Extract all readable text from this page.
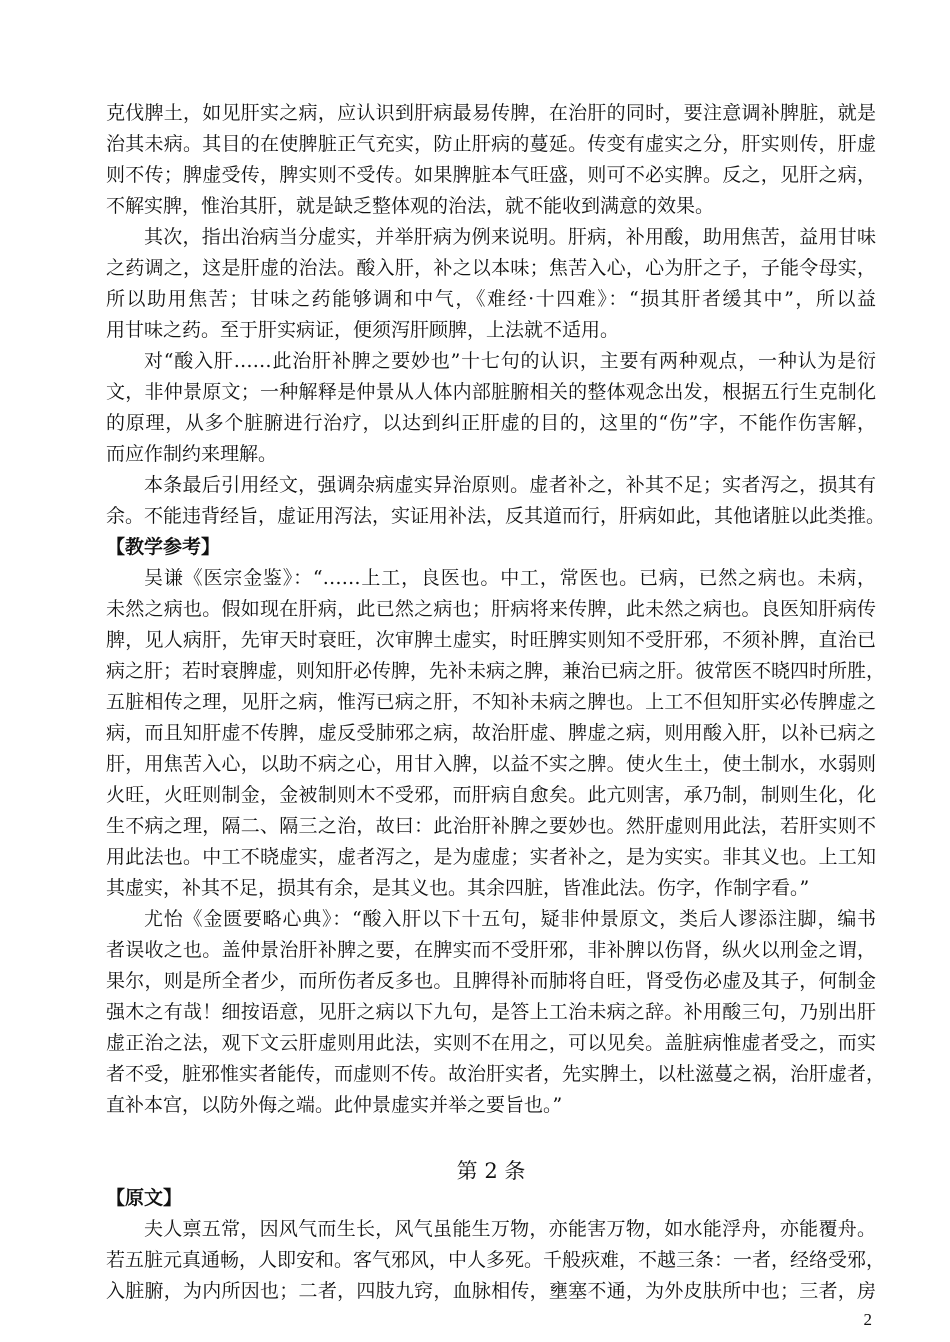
克伐脾土，如见肝实之病，应认识到肝病最易传脾，在治肝的同时，要注意调补脾脏，就是
治其未病。其目的在使脾脏正气充实，防止肝病的蔓延。传变有虚实之分，肝实则传，肝虚
则不传；脾虚受传，脾实则不受传。如果脾脏本气旺盛，则可不必实脾。反之，见肝之病，
不解实脾，惟治其肝，就是缺乏整体观的治法，就不能收到满意的效果。
其次，指出治病当分虚实，并举肝病为例来说明。肝病，补用酸，助用焦苦，益用甘味
之药调之，这是肝虚的治法。酸入肝，补之以本味；焦苦入心，心为肝之子，子能令母实，
所以助用焦苦；甘味之药能够调和中气，《难经·十四难》：“损其肝者缓其中”，所以益
用甘味之药。至于肝实病证，便须泻肝顾脾，上法就不适用。
对“酸入肝……此治肝补脾之要妙也”十七句的认识，主要有两种观点，一种认为是衍
文，非仲景原文；一种解释是仲景从人体内部脏腑相关的整体观念出发，根据五行生克制化
的原理，从多个脏腑进行治疗，以达到纠正肝虚的目的，这里的“伤”字，不能作伤害解，
而应作制约来理解。
本条最后引用经文，强调杂病虚实异治原则。虚者补之，补其不足；实者泻之，损其有
余。不能违背经旨，虚证用泻法，实证用补法，反其道而行，肝病如此，其他诸脏以此类推。
【教学参考】
吴谦《医宗金鉴》：“……上工，良医也。中工，常医也。已病，已然之病也。未病，
未然之病也。假如现在肝病，此已然之病也；肝病将来传脾，此未然之病也。良医知肝病传
脾，见人病肝，先审天时衰旺，次审脾土虚实，时旺脾实则知不受肝邪，不须补脾，直治已
病之肝；若时衰脾虚，则知肝必传脾，先补未病之脾，兼治已病之肝。彼常医不晓四时所胜，
五脏相传之理，见肝之病，惟泻已病之肝，不知补未病之脾也。上工不但知肝实必传脾虚之
病，而且知肝虚不传脾，虚反受肺邪之病，故治肝虚、脾虚之病，则用酸入肝，以补已病之
肝，用焦苦入心，以助不病之心，用甘入脾，以益不实之脾。使火生土，使土制水，水弱则
火旺，火旺则制金，金被制则木不受邪，而肝病自愈矣。此亢则害，承乃制，制则生化，化
生不病之理，隔二、隔三之治，故曰：此治肝补脾之要妙也。然肝虚则用此法，若肝实则不
用此法也。中工不晓虚实，虚者泻之，是为虚虚；实者补之，是为实实。非其义也。上工知
其虚实，补其不足，损其有余，是其义也。其余四脏，皆准此法。伤字，作制字看。”
尤怡《金匮要略心典》：“酸入肝以下十五句，疑非仲景原文，类后人谬添注脚，编书
者误收之也。盖仲景治肝补脾之要，在脾实而不受肝邪，非补脾以伤肾，纵火以刑金之谓，
果尔，则是所全者少，而所伤者反多也。且脾得补而肺将自旺，肾受伤必虚及其子，何制金
强木之有哉！细按语意，见肝之病以下九句，是答上工治未病之辞。补用酸三句，乃别出肝
虚正治之法，观下文云肝虚则用此法，实则不在用之，可以见矣。盖脏病惟虚者受之，而实
者不受，脏邪惟实者能传，而虚则不传。故治肝实者，先实脾土，以杜滋蔓之祸，治肝虚者，
直补本宫，以防外侮之端。此仲景虚实并举之要旨也。”
第 2 条
【原文】
夫人禀五常，因风气而生长，风气虽能生万物，亦能害万物，如水能浮舟，亦能覆舟。
若五脏元真通畅，人即安和。客气邪风，中人多死。千般疢难，不越三条：一者，经络受邪，
入脏腑，为内所因也；二者，四肢九窍，血脉相传，壅塞不通，为外皮肤所中也；三者，房
2
